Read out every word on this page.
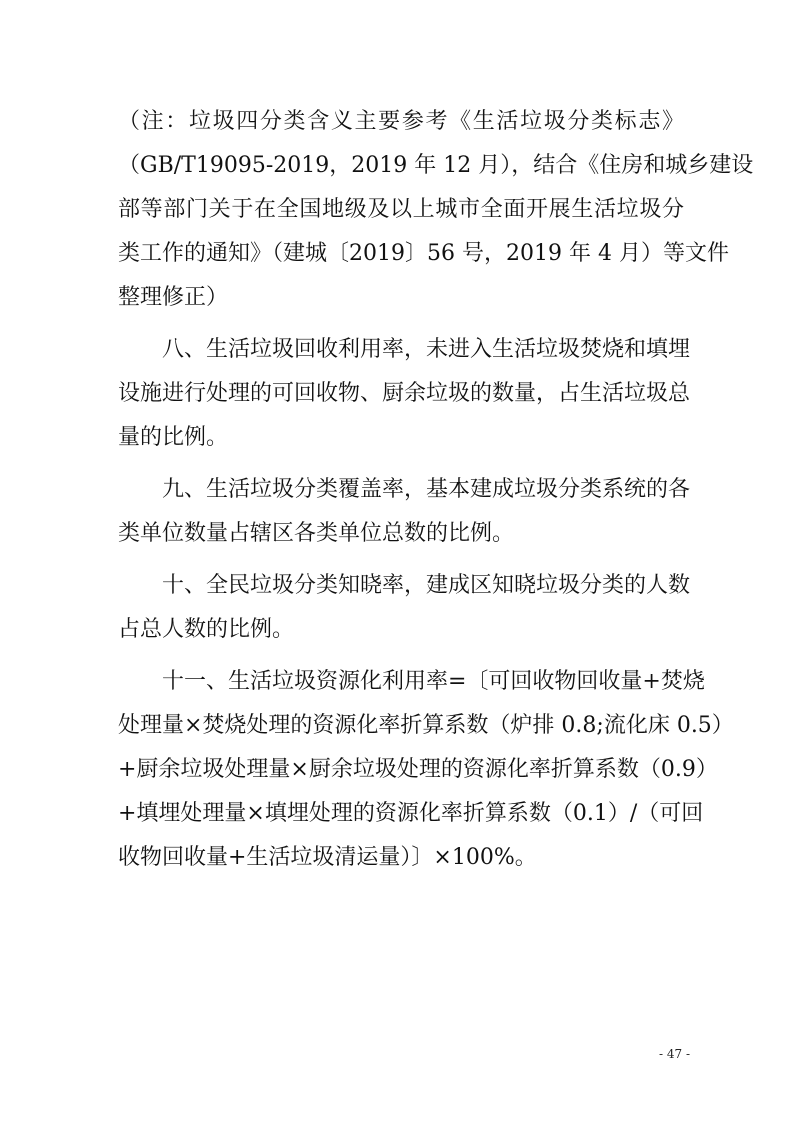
（注：垃圾四分类含义主要参考《生活垃圾分类标志》
（GB/T19095-2019，2019 年 12 月），结合《住房和城乡建设
部等部门关于在全国地级及以上城市全面开展生活垃圾分
类工作的通知》（建城〔2019〕56 号，2019 年 4 月）等文件
整理修正）
八、生活垃圾回收利用率，未进入生活垃圾焚烧和填埋
设施进行处理的可回收物、厨余垃圾的数量，占生活垃圾总
量的比例。
九、生活垃圾分类覆盖率，基本建成垃圾分类系统的各
类单位数量占辖区各类单位总数的比例。
十、全民垃圾分类知晓率，建成区知晓垃圾分类的人数
占总人数的比例。
十一、生活垃圾资源化利用率=〔可回收物回收量+焚烧
处理量×焚烧处理的资源化率折算系数（炉排 0.8;流化床 0.5）
+厨余垃圾处理量×厨余垃圾处理的资源化率折算系数（0.9）
+填埋处理量×填埋处理的资源化率折算系数（0.1）/（可回
收物回收量+生活垃圾清运量）〕×100%。
- 47 -
